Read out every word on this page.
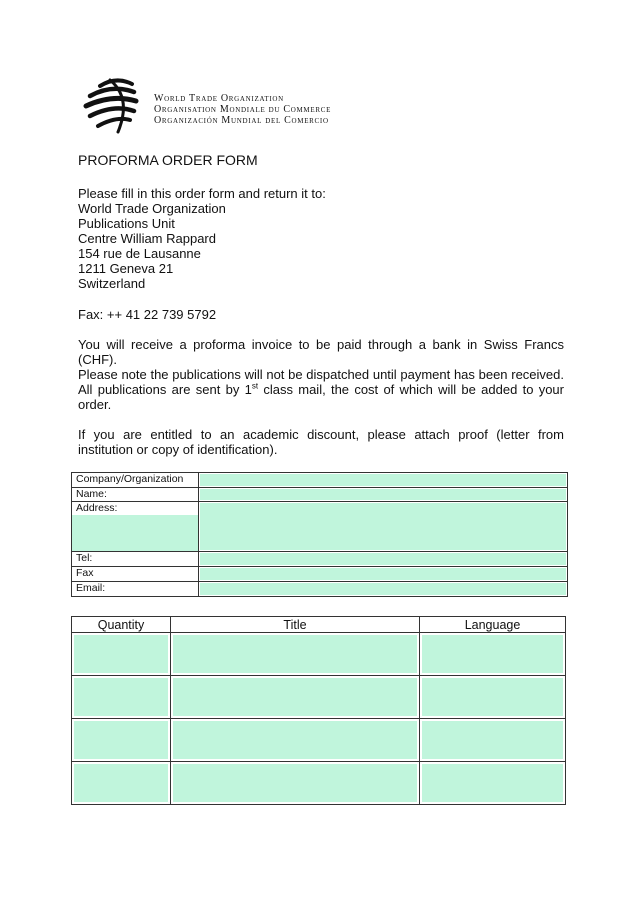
World Trade Organization
Organisation Mondiale du Commerce
Organización Mundial del Comercio
PROFORMA ORDER FORM
Please fill in this order form and return it to:
World Trade Organization
Publications Unit
Centre William Rappard
154 rue de Lausanne
1211 Geneva 21
Switzerland
Fax: ++ 41 22 739 5792
You will receive a proforma invoice to be paid through a bank in Swiss Francs (CHF).
Please note the publications will not be dispatched until payment has been received. All publications are sent by 1st class mail, the cost of which will be added to your order.
If you are entitled to an academic discount, please attach proof (letter from institution or copy of identification).
Company/Organization	
Name:	

Address:	

Tel:	
Fax	
Email:	
Quantity	Title	Language
